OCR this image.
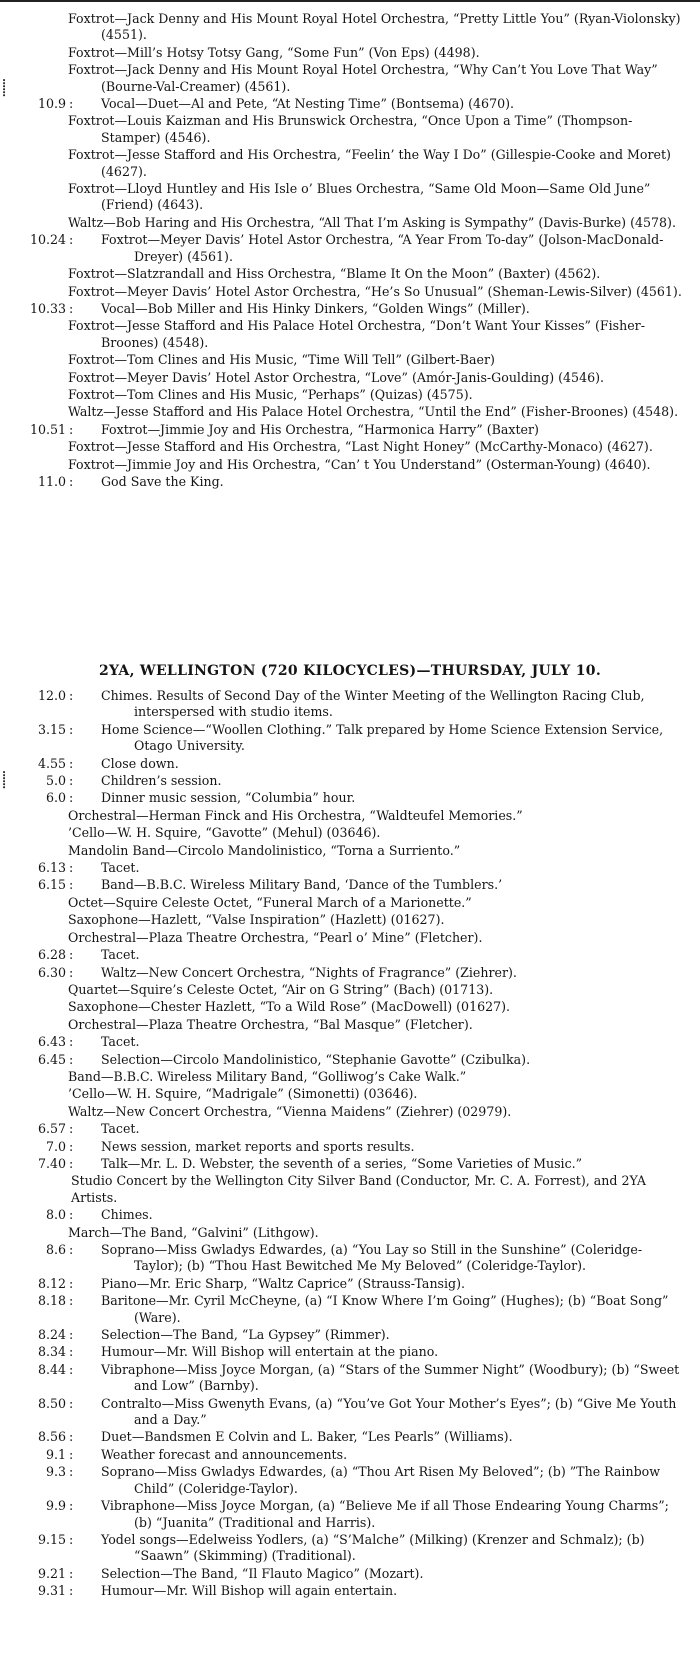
⸽
⸽
Foxtrot—Jack Denny and His Mount Royal Hotel Orchestra, “Pretty Little You” (Ryan-Violonsky) (4551).
Foxtrot—Mill’s Hotsy Totsy Gang, “Some Fun” (Von Eps) (4498).
Foxtrot—Jack Denny and His Mount Royal Hotel Orchestra, “Why Can’t You Love That Way” (Bourne-Val-Creamer) (4561).
10.9 :	Vocal—Duet—Al and Pete, “At Nesting Time” (Bontsema) (4670).
Foxtrot—Louis Kaizman and His Brunswick Orchestra, “Once Upon a Time” (Thompson-Stamper) (4546).
Foxtrot—Jesse Stafford and His Orchestra, “Feelin’ the Way I Do” (Gillespie-Cooke and Moret) (4627).
Foxtrot—Lloyd Huntley and His Isle o’ Blues Orchestra, “Same Old Moon—Same Old June” (Friend) (4643).
Waltz—Bob Haring and His Orchestra, “All That I’m Asking is Sympathy” (Davis-Burke) (4578).
10.24 :	Foxtrot—Meyer Davis’ Hotel Astor Orchestra, “A Year From To-day” (Jolson-MacDonald-Dreyer) (4561).
Foxtrot—Slatzrandall and Hiss Orchestra, “Blame It On the Moon” (Baxter) (4562).
Foxtrot—Meyer Davis’ Hotel Astor Orchestra, “He’s So Unusual” (Sheman-Lewis-Silver) (4561).
10.33 :	Vocal—Bob Miller and His Hinky Dinkers, “Golden Wings” (Miller).
Foxtrot—Jesse Stafford and His Palace Hotel Orchestra, “Don’t Want Your Kisses” (Fisher-Broones) (4548).
Foxtrot—Tom Clines and His Music, “Time Will Tell” (Gilbert-Baer)
Foxtrot—Meyer Davis’ Hotel Astor Orchestra, “Love” (Amór-Janis-Goulding) (4546).
Foxtrot—Tom Clines and His Music, “Perhaps” (Quizas) (4575).
Waltz—Jesse Stafford and His Palace Hotel Orchestra, “Until the End” (Fisher-Broones) (4548).
10.51 :	Foxtrot—Jimmie Joy and His Orchestra, “Harmonica Harry” (Baxter)
Foxtrot—Jesse Stafford and His Orchestra, “Last Night Honey” (McCarthy-Monaco) (4627).
Foxtrot—Jimmie Joy and His Orchestra, “Can’ t You Understand” (Osterman-Young) (4640).
11.0 :	God Save the King.
2YA, WELLINGTON (720 KILOCYCLES)—THURSDAY, JULY 10.
12.0 :	Chimes. Results of Second Day of the Winter Meeting of the Wellington Racing Club, interspersed with studio items.
3.15 :	Home Science—“Woollen Clothing.” Talk prepared by Home Science Extension Service, Otago University.
4.55 :	Close down.
5.0 :	Children’s session.
6.0 :	Dinner music session, “Columbia” hour.
Orchestral—Herman Finck and His Orchestra, “Waldteufel Memories.”
’Cello—W. H. Squire, “Gavotte” (Mehul) (03646).
Mandolin Band—Circolo Mandolinistico, “Torna a Surriento.”
6.13 :	Tacet.
6.15 :	Band—B.B.C. Wireless Military Band, ‘Dance of the Tumblers.’
Octet—Squire Celeste Octet, “Funeral March of a Marionette.”
Saxophone—Hazlett, “Valse Inspiration” (Hazlett) (01627).
Orchestral—Plaza Theatre Orchestra, “Pearl o’ Mine” (Fletcher).
6.28 :	Tacet.
6.30 :	Waltz—New Concert Orchestra, “Nights of Fragrance” (Ziehrer).
Quartet—Squire’s Celeste Octet, “Air on G String” (Bach) (01713).
Saxophone—Chester Hazlett, “To a Wild Rose” (MacDowell) (01627).
Orchestral—Plaza Theatre Orchestra, “Bal Masque” (Fletcher).
6.43 :	Tacet.
6.45 :	Selection—Circolo Mandolinistico, “Stephanie Gavotte” (Czibulka).
Band—B.B.C. Wireless Military Band, “Golliwog’s Cake Walk.”
’Cello—W. H. Squire, “Madrigale” (Simonetti) (03646).
Waltz—New Concert Orchestra, “Vienna Maidens” (Ziehrer) (02979).
6.57 :	Tacet.
7.0 :	News session, market reports and sports results.
7.40 :	Talk—Mr. L. D. Webster, the seventh of a series, “Some Varieties of Music.”
Studio Concert by the Wellington City Silver Band (Conductor, Mr. C. A. Forrest), and 2YA Artists.
8.0 :	Chimes.
March—The Band, “Galvini” (Lithgow).
8.6 :	Soprano—Miss Gwladys Edwardes, (a) “You Lay so Still in the Sunshine” (Coleridge-Taylor); (b) “Thou Hast Bewitched Me My Beloved” (Coleridge-Taylor).
8.12 :	Piano—Mr. Eric Sharp, “Waltz Caprice” (Strauss-Tansig).
8.18 :	Baritone—Mr. Cyril McCheyne, (a) “I Know Where I’m Going” (Hughes); (b) “Boat Song” (Ware).
8.24 :	Selection—The Band, “La Gypsey” (Rimmer).
8.34 :	Humour—Mr. Will Bishop will entertain at the piano.
8.44 :	Vibraphone—Miss Joyce Morgan, (a) “Stars of the Summer Night” (Woodbury); (b) “Sweet and Low” (Barnby).
8.50 :	Contralto—Miss Gwenyth Evans, (a) “You’ve Got Your Mother’s Eyes”; (b) “Give Me Youth and a Day.”
8.56 :	Duet—Bandsmen E Colvin and L. Baker, “Les Pearls” (Williams).
9.1 :	Weather forecast and announcements.
9.3 :	Soprano—Miss Gwladys Edwardes, (a) “Thou Art Risen My Beloved”; (b) ”The Rainbow Child” (Coleridge-Taylor).
9.9 :	Vibraphone—Miss Joyce Morgan, (a) “Believe Me if all Those Endearing Young Charms”; (b) “Juanita” (Traditional and Harris).
9.15 :	Yodel songs—Edelweiss Yodlers, (a) “S’Malche” (Milking) (Krenzer and Schmalz); (b) “Saawn” (Skimming) (Traditional).
9.21 :	Selection—The Band, “Il Flauto Magico” (Mozart).
9.31 :	Humour—Mr. Will Bishop will again entertain.
